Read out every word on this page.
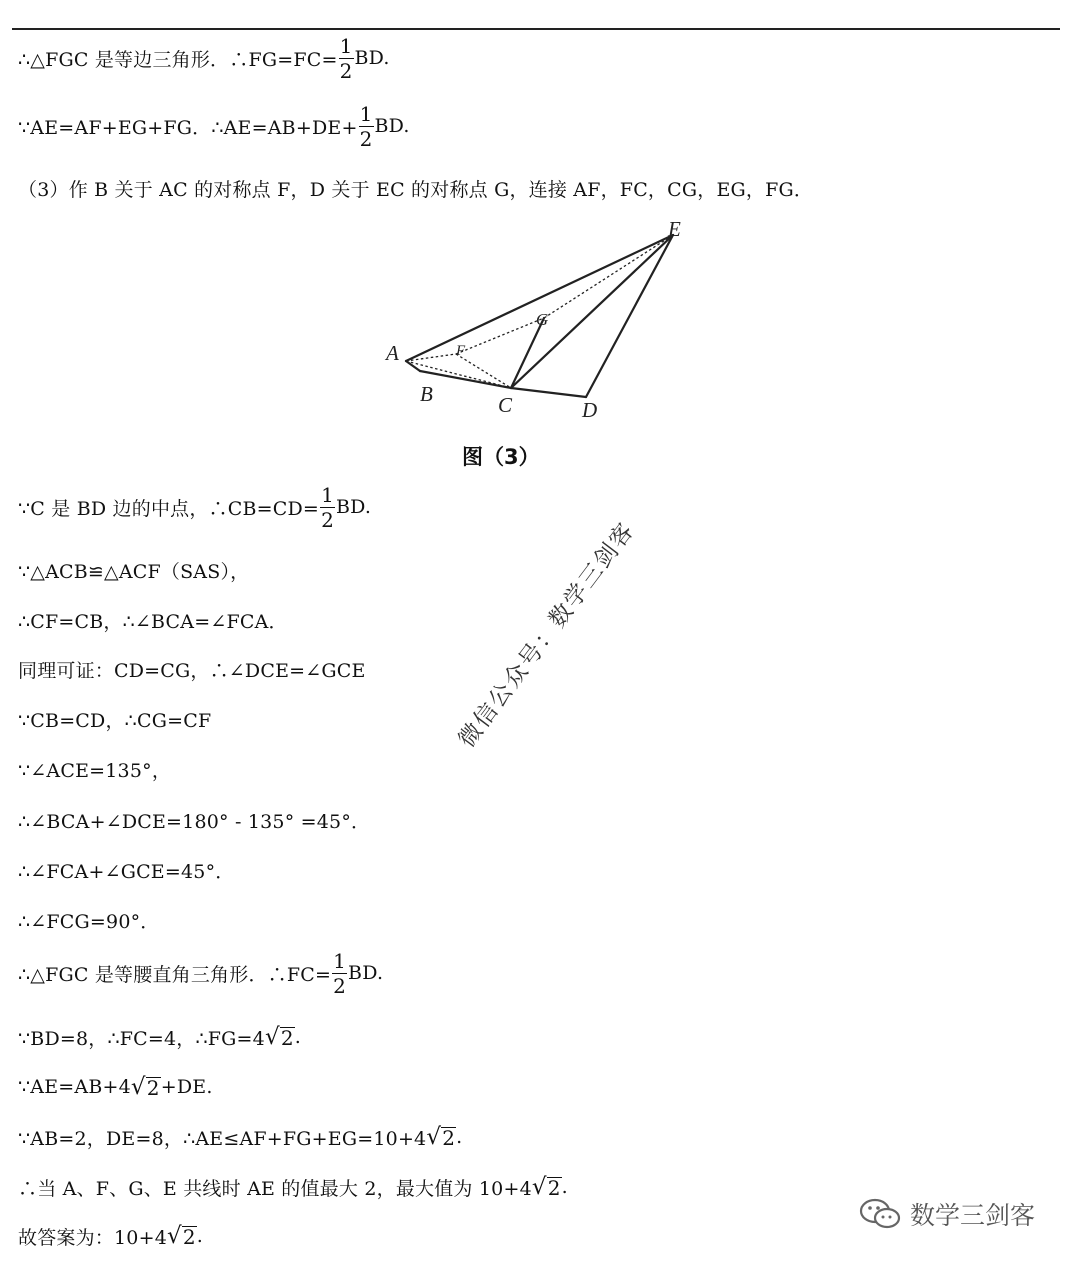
∴△FGC 是等边三角形．∴FG=FC= $\frac{1}{2}$ BD.
∵AE=AF+EG+FG．∴AE=AB+DE+ $\frac{1}{2}$ BD.
（3）作 B 关于 AC 的对称点 F，D 关于 EC 的对称点 G，连接 AF，FC，CG，EG，FG．
∵C 是 BD 边的中点，∴CB=CD= $\frac{1}{2}$ BD.
∵△ACB≌△ACF（SAS），
∴CF=CB，∴∠BCA=∠FCA．
同理可证：CD=CG，∴∠DCE=∠GCE
∵CB=CD，∴CG=CF
∵∠ACE=135°，
∴∠BCA+∠DCE=180° - 135° =45°．
∴∠FCA+∠GCE=45°．
∴∠FCG=90°．
∴△FGC 是等腰直角三角形．∴FC= $\frac{1}{2}$ BD.
∵BD=8，∴FC=4，∴FG=4 √ 2 .
∵AE=AB+4 √ 2 +DE.
∵AB=2，DE=8，∴AE≤AF+FG+EG=10+4 √ 2 .
∴当 A、F、G、E 共线时 AE 的值最大 2，最大值为 10+4 √ 2 .
故答案为：10+4 √ 2 .
A
B	C	D
E
F
G
图（3）
微信公众号：数学三剑客
数学三剑客
